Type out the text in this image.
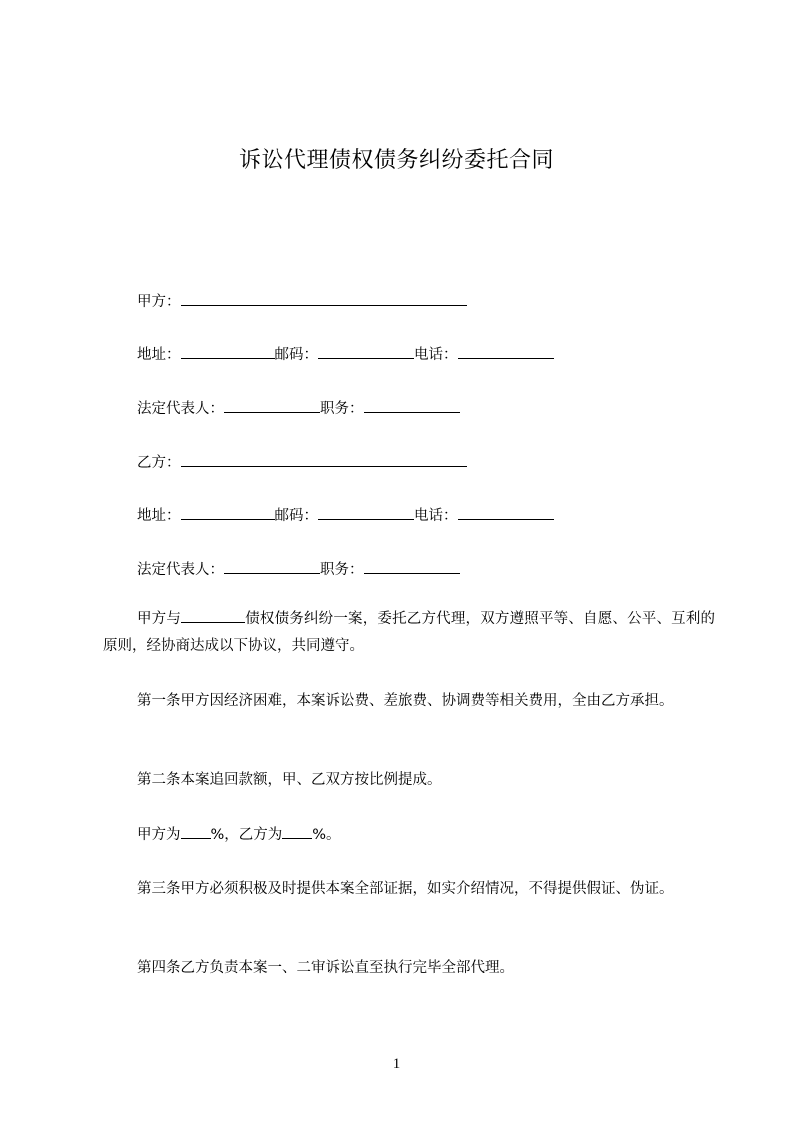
诉讼代理债权债务纠纷委托合同
甲方：
地址：	邮码：	电话：
法定代表人：	职务：
乙方：
地址：	邮码：	电话：
法定代表人：	职务：
甲方与	债权债务纠纷一案，委托乙方代理，双方遵照平等、自愿、公平、互利的原则，经协商达成以下协议，共同遵守。
第一条甲方因经济困难，本案诉讼费、差旅费、协调费等相关费用，全由乙方承担。
第二条本案追回款额，甲、乙双方按比例提成。
甲方为 %，乙方为 %。
第三条甲方必须积极及时提供本案全部证据，如实介绍情况，不得提供假证、伪证。
第四条乙方负责本案一、二审诉讼直至执行完毕全部代理。
1
